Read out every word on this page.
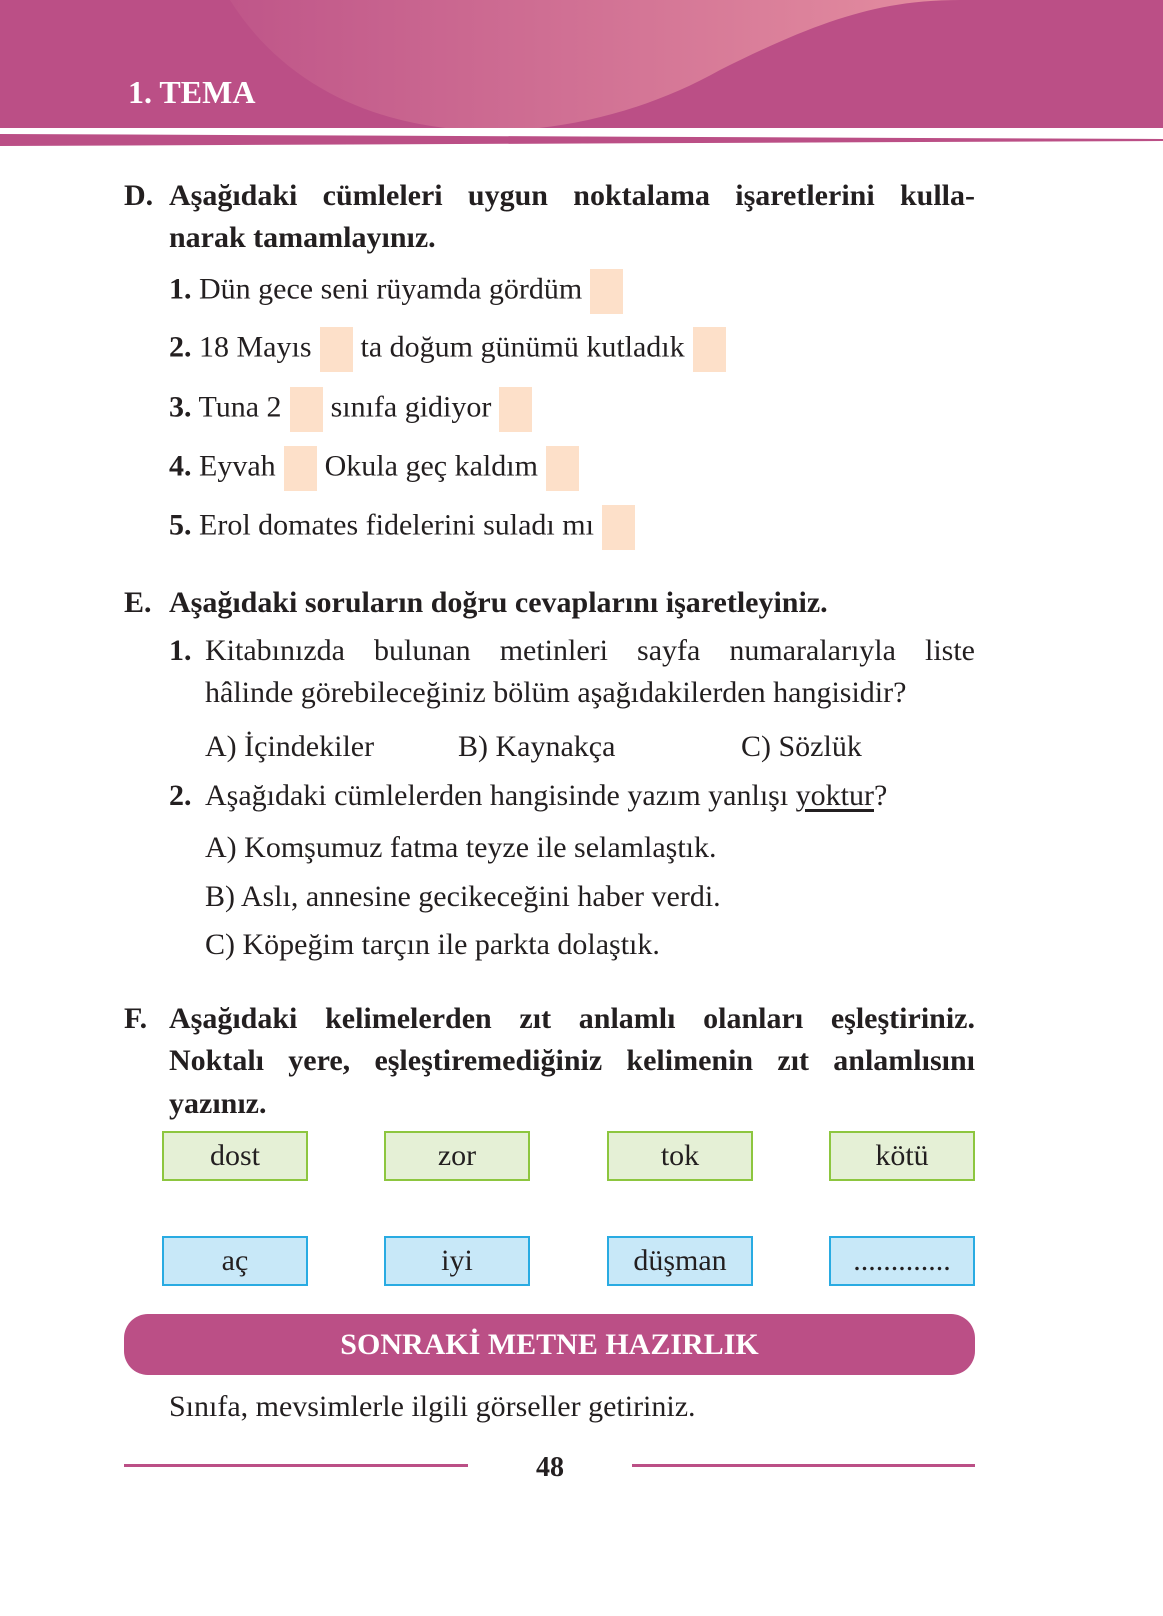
1. TEMA
D. Aşağıdaki cümleleri uygun noktalama işaretlerini kulla-
narak tamamlayınız.
1. Dün gece seni rüyamda gördüm
2. 18 Mayıs ta doğum günümü kutladık
3. Tuna 2 sınıfa gidiyor
4. Eyvah Okula geç kaldım
5. Erol domates fidelerini suladı mı
E. Aşağıdaki soruların doğru cevaplarını işaretleyiniz.
1. Kitabınızda bulunan metinleri sayfa numaralarıyla liste
hâlinde görebileceğiniz bölüm aşağıdakilerden hangisidir?
A) İçindekiler	B) Kaynakça	C) Sözlük
2. Aşağıdaki cümlelerden hangisinde yazım yanlışı yoktur?
A) Komşumuz fatma teyze ile selamlaştık.
B) Aslı, annesine gecikeceğini haber verdi.
C) Köpeğim tarçın ile parkta dolaştık.
F. Aşağıdaki kelimelerden zıt anlamlı olanları eşleştiriniz.
Noktalı yere, eşleştiremediğiniz kelimenin zıt anlamlısını
yazınız.
dost	zor	tok	kötü
aç	iyi	düşman	.............
SONRAKİ METNE HAZIRLIK
Sınıfa, mevsimlerle ilgili görseller getiriniz.
48
